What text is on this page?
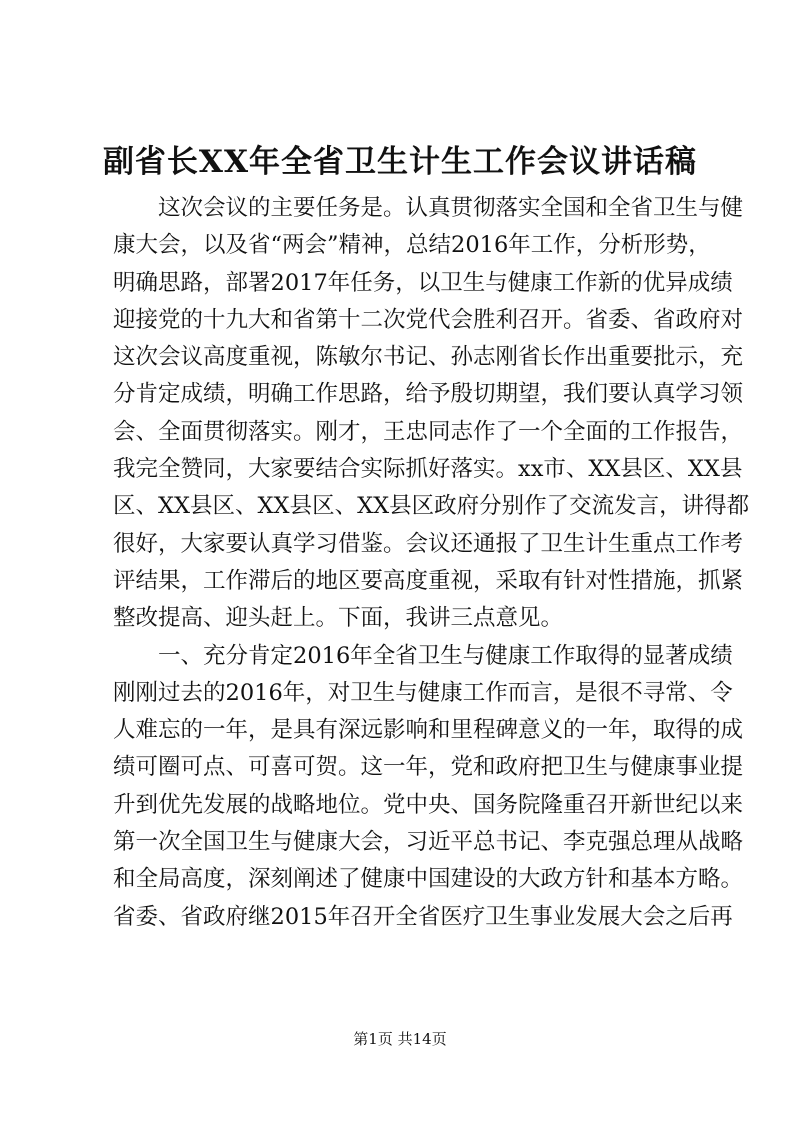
副省长XX年全省卫生计生工作会议讲话稿
这次会议的主要任务是。认真贯彻落实全国和全省卫生与健
康大会，以及省“两会”精神，总结2016年工作，分析形势，
明确思路，部署2017年任务，以卫生与健康工作新的优异成绩
迎接党的十九大和省第十二次党代会胜利召开。省委、省政府对
这次会议高度重视，陈敏尔书记、孙志刚省长作出重要批示，充
分肯定成绩，明确工作思路，给予殷切期望，我们要认真学习领
会、全面贯彻落实。刚才，王忠同志作了一个全面的工作报告，
我完全赞同，大家要结合实际抓好落实。xx市、XX县区、XX县
区、XX县区、XX县区、XX县区政府分别作了交流发言，讲得都
很好，大家要认真学习借鉴。会议还通报了卫生计生重点工作考
评结果，工作滞后的地区要高度重视，采取有针对性措施，抓紧
整改提高、迎头赶上。下面，我讲三点意见。
一、充分肯定2016年全省卫生与健康工作取得的显著成绩
刚刚过去的2016年，对卫生与健康工作而言，是很不寻常、令
人难忘的一年，是具有深远影响和里程碑意义的一年，取得的成
绩可圈可点、可喜可贺。这一年，党和政府把卫生与健康事业提
升到优先发展的战略地位。党中央、国务院隆重召开新世纪以来
第一次全国卫生与健康大会，习近平总书记、李克强总理从战略
和全局高度，深刻阐述了健康中国建设的大政方针和基本方略。
省委、省政府继2015年召开全省医疗卫生事业发展大会之后再
第1页 共14页
